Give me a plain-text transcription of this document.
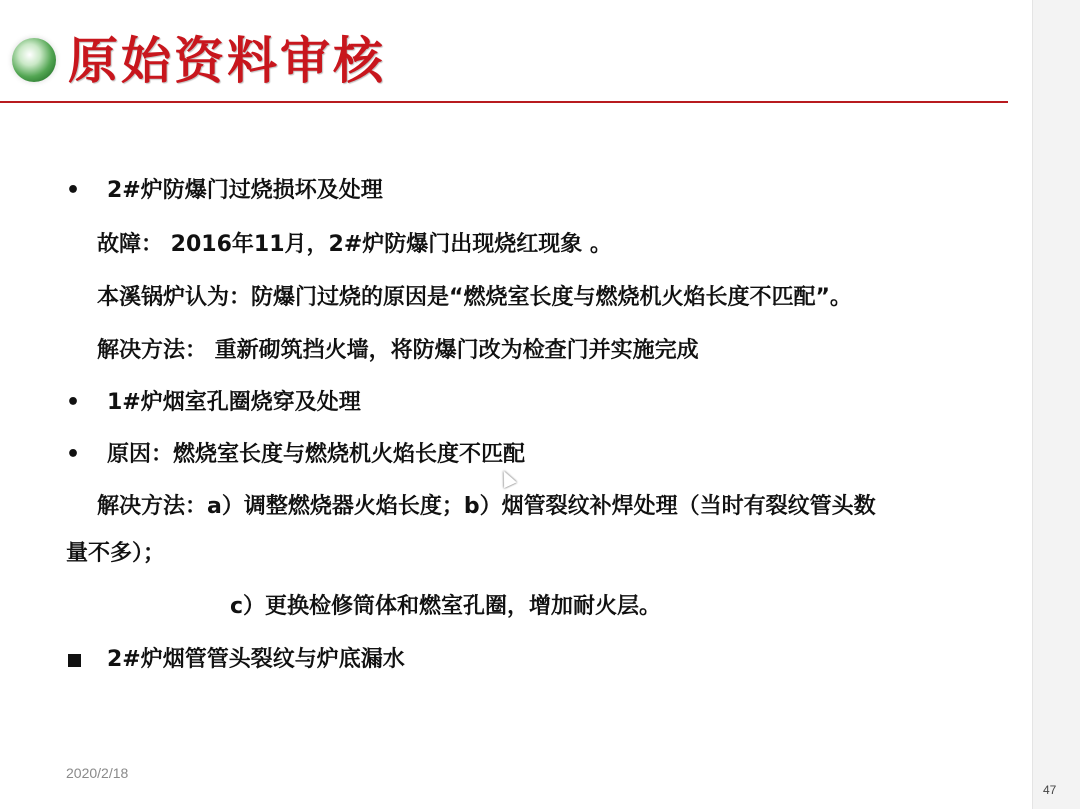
原始资料审核
• 2#炉防爆门过烧损坏及处理
故障： 2016年11月，2#炉防爆门出现烧红现象 。
本溪锅炉认为：防爆门过烧的原因是“燃烧室长度与燃烧机火焰长度不匹配”。
解决方法： 重新砌筑挡火墙，将防爆门改为检查门并实施完成
• 1#炉烟室孔圈烧穿及处理
• 原因：燃烧室长度与燃烧机火焰长度不匹配
解决方法：a）调整燃烧器火焰长度；b）烟管裂纹补焊处理（当时有裂纹管头数
量不多）；
c）更换检修筒体和燃室孔圈，增加耐火层。
2#炉烟管管头裂纹与炉底漏水
2020/2/18
47
